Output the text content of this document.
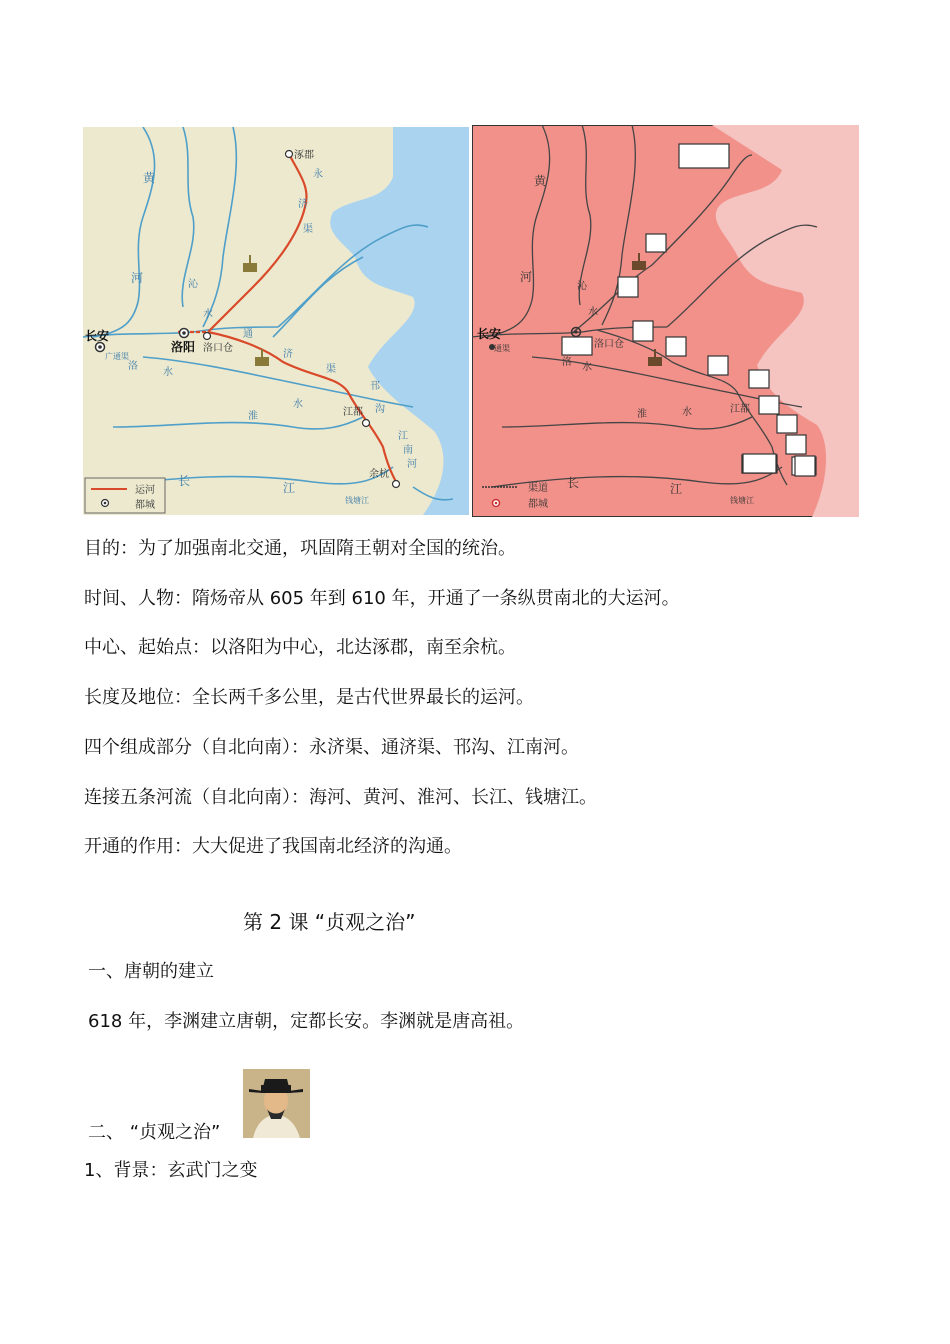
涿郡
长安
洛阳 洛口仓
江都
余杭
黄
河
永
济
渠
沁
水
通
济
渠
邗
沟
淮
水
洛
水
广通渠
江
南
河
长	江
钱塘江
运河
都城
黄
河
沁
水
长安
洛口仓
洛 水
通渠
淮	水	江都
长	江
钱塘江
渠道
都城
目的：为了加强南北交通，巩固隋王朝对全国的统治。
时间、人物：隋炀帝从 605 年到 610 年，开通了一条纵贯南北的大运河。
中心、起始点：以洛阳为中心，北达涿郡，南至余杭。
长度及地位：全长两千多公里，是古代世界最长的运河。
四个组成部分（自北向南）：永济渠、通济渠、邗沟、江南河。
连接五条河流（自北向南）：海河、黄河、淮河、长江、钱塘江。
开通的作用：大大促进了我国南北经济的沟通。
第 2 课 “贞观之治”
一、唐朝的建立
618 年，李渊建立唐朝，定都长安。李渊就是唐高祖。
二、 “贞观之治”
1、背景：玄武门之变
